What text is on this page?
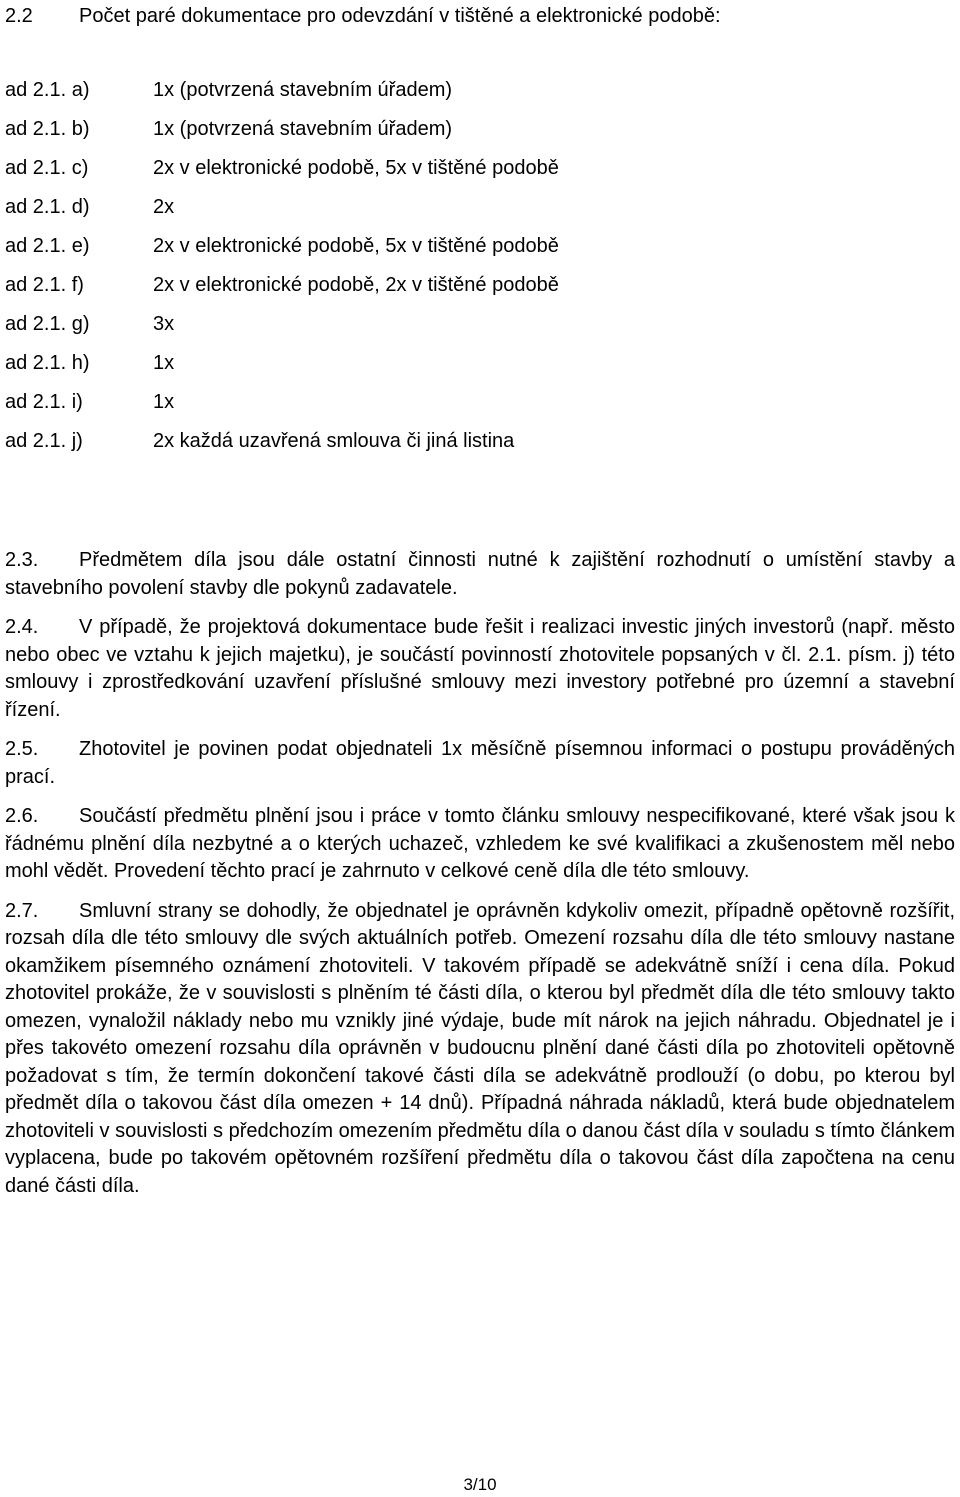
2.2 Počet paré dokumentace pro odevzdání v tištěné a elektronické podobě:
ad 2.1. a)	1x (potvrzená stavebním úřadem)
ad 2.1. b)	1x (potvrzená stavebním úřadem)
ad 2.1. c)	2x v elektronické podobě, 5x v tištěné podobě
ad 2.1. d)	2x
ad 2.1. e)	2x v elektronické podobě, 5x v tištěné podobě
ad 2.1. f)	2x v elektronické podobě, 2x v tištěné podobě
ad 2.1. g)	3x
ad 2.1. h)	1x
ad 2.1. i)	1x
ad 2.1. j)	2x každá uzavřená smlouva či jiná listina

2.3. Předmětem díla jsou dále ostatní činnosti nutné k zajištění rozhodnutí o umístění stavby a stavebního povolení stavby dle pokynů zadavatele.

2.4. V případě, že projektová dokumentace bude řešit i realizaci investic jiných investorů (např. město nebo obec ve vztahu k jejich majetku), je součástí povinností zhotovitele popsaných v čl. 2.1. písm. j) této smlouvy i zprostředkování uzavření příslušné smlouvy mezi investory potřebné pro územní a stavební řízení.

2.5. Zhotovitel je povinen podat objednateli 1x měsíčně písemnou informaci o postupu prováděných prací.

2.6. Součástí předmětu plnění jsou i práce v tomto článku smlouvy nespecifikované, které však jsou k řádnému plnění díla nezbytné a o kterých uchazeč, vzhledem ke své kvalifikaci a zkušenostem měl nebo mohl vědět. Provedení těchto prací je zahrnuto v celkové ceně díla dle této smlouvy.

2.7. Smluvní strany se dohodly, že objednatel je oprávněn kdykoliv omezit, případně opětovně rozšířit, rozsah díla dle této smlouvy dle svých aktuálních potřeb. Omezení rozsahu díla dle této smlouvy nastane okamžikem písemného oznámení zhotoviteli. V takovém případě se adekvátně sníží i cena díla. Pokud zhotovitel prokáže, že v souvislosti s plněním té části díla, o kterou byl předmět díla dle této smlouvy takto omezen, vynaložil náklady nebo mu vznikly jiné výdaje, bude mít nárok na jejich náhradu. Objednatel je i přes takovéto omezení rozsahu díla oprávněn v budoucnu plnění dané části díla po zhotoviteli opětovně požadovat s tím, že termín dokončení takové části díla se adekvátně prodlouží (o dobu, po kterou byl předmět díla o takovou část díla omezen + 14 dnů). Případná náhrada nákladů, která bude objednatelem zhotoviteli v souvislosti s předchozím omezením předmětu díla o danou část díla v souladu s tímto článkem vyplacena, bude po takovém opětovném rozšíření předmětu díla o takovou část díla započtena na cenu dané části díla.

3/10
